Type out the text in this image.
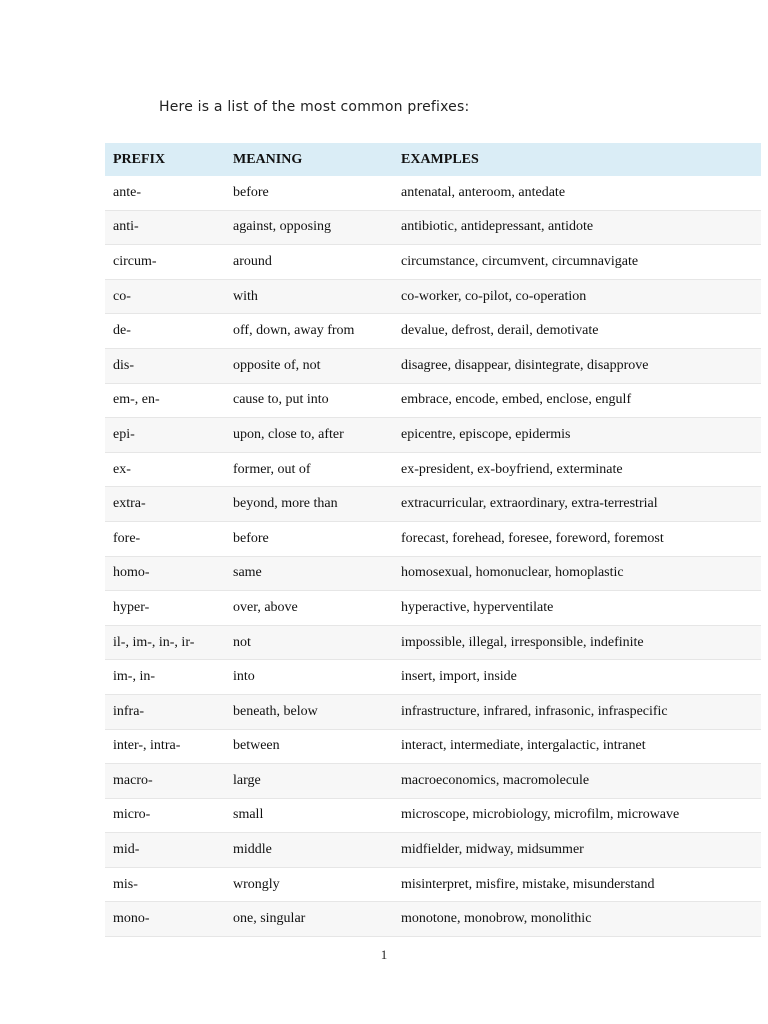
Here is a list of the most common prefixes:
PREFIX	MEANING	EXAMPLES
ante-	before	antenatal, anteroom, antedate
anti-	against, opposing	antibiotic, antidepressant, antidote
circum-	around	circumstance, circumvent, circumnavigate
co-	with	co-worker, co-pilot, co-operation
de-	off, down, away from	devalue, defrost, derail, demotivate
dis-	opposite of, not	disagree, disappear, disintegrate, disapprove
em-, en-	cause to, put into	embrace, encode, embed, enclose, engulf
epi-	upon, close to, after	epicentre, episcope, epidermis
ex-	former, out of	ex-president, ex-boyfriend, exterminate
extra-	beyond, more than	extracurricular, extraordinary, extra-terrestrial
fore-	before	forecast, forehead, foresee, foreword, foremost
homo-	same	homosexual, homonuclear, homoplastic
hyper-	over, above	hyperactive, hyperventilate
il-, im-, in-, ir-	not	impossible, illegal, irresponsible, indefinite
im-, in-	into	insert, import, inside
infra-	beneath, below	infrastructure, infrared, infrasonic, infraspecific
inter-, intra-	between	interact, intermediate, intergalactic, intranet
macro-	large	macroeconomics, macromolecule
micro-	small	microscope, microbiology, microfilm, microwave
mid-	middle	midfielder, midway, midsummer
mis-	wrongly	misinterpret, misfire, mistake, misunderstand
mono-	one, singular	monotone, monobrow, monolithic
1
